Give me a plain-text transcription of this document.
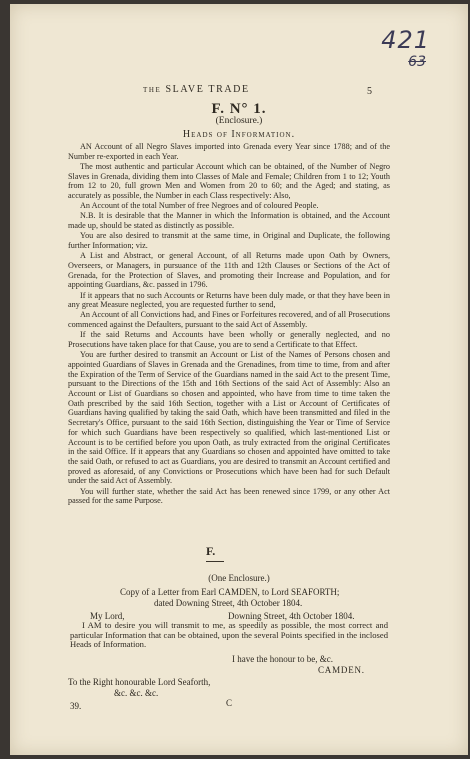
421
63
the SLAVE TRADE	5
F. N° 1.
(Enclosure.)
Heads of Information.

AN Account of all Negro Slaves imported into Grenada every Year since 1788; and of the Number re-exported in each Year.

The most authentic and particular Account which can be obtained, of the Number of Negro Slaves in Grenada, dividing them into Classes of Male and Female; Children from 1 to 12; Youth from 12 to 20, full grown Men and Women from 20 to 60; and the Aged; and stating, as accurately as possible, the Number in each Class respectively: Also,

An Account of the total Number of free Negroes and of coloured People.

N.B. It is desirable that the Manner in which the Information is obtained, and the Account made up, should be stated as distinctly as possible.

You are also desired to transmit at the same time, in Original and Duplicate, the following further Information; viz.

A List and Abstract, or general Account, of all Returns made upon Oath by Owners, Overseers, or Managers, in pursuance of the 11th and 12th Clauses or Sections of the Act of Grenada, for the Protection of Slaves, and promoting their Increase and Population, and for appointing Guardians, &c. passed in 1796.

If it appears that no such Accounts or Returns have been duly made, or that they have been in any great Measure neglected, you are requested further to send,

An Account of all Convictions had, and Fines or Forfeitures recovered, and of all Prosecutions commenced against the Defaulters, pursuant to the said Act of Assembly.

If the said Returns and Accounts have been wholly or generally neglected, and no Prosecutions have taken place for that Cause, you are to send a Certificate to that Effect.

You are further desired to transmit an Account or List of the Names of Persons chosen and appointed Guardians of Slaves in Grenada and the Grenadines, from time to time, from and after the Expiration of the Term of Service of the Guardians named in the said Act to the present Time, pursuant to the Directions of the 15th and 16th Sections of the said Act of Assembly: Also an Account or List of Guardians so chosen and appointed, who have from time to time taken the Oath prescribed by the said 16th Section, together with a List or Account of Certificates of Guardians having qualified by taking the said Oath, which have been transmitted and filed in the Secretary's Office, pursuant to the said 16th Section, distinguishing the Year or Time of Service for which such Guardians have been respectively so qualified, which last-mentioned List or Account is to be certified before you upon Oath, as truly extracted from the original Certificates in the said Office. If it appears that any Guardians so chosen and appointed have omitted to take the said Oath, or refused to act as Guardians, you are desired to transmit an Account certified and proved as aforesaid, of any Convictions or Prosecutions which have been had for such Default under the said Act of Assembly.

You will further state, whether the said Act has been renewed since 1799, or any other Act passed for the same Purpose.

F.
(One Enclosure.)
Copy of a Letter from Earl CAMDEN, to Lord SEAFORTH;
dated Downing Street, 4th October 1804.
My Lord,	Downing Street, 4th October 1804.
I AM to desire you will transmit to me, as speedily as possible, the most correct and particular Information that can be obtained, upon the several Points specified in the inclosed Heads of Information.
I have the honour to be, &c.
CAMDEN.
To the Right honourable Lord Seaforth,
&c. &c. &c.
C
39.
